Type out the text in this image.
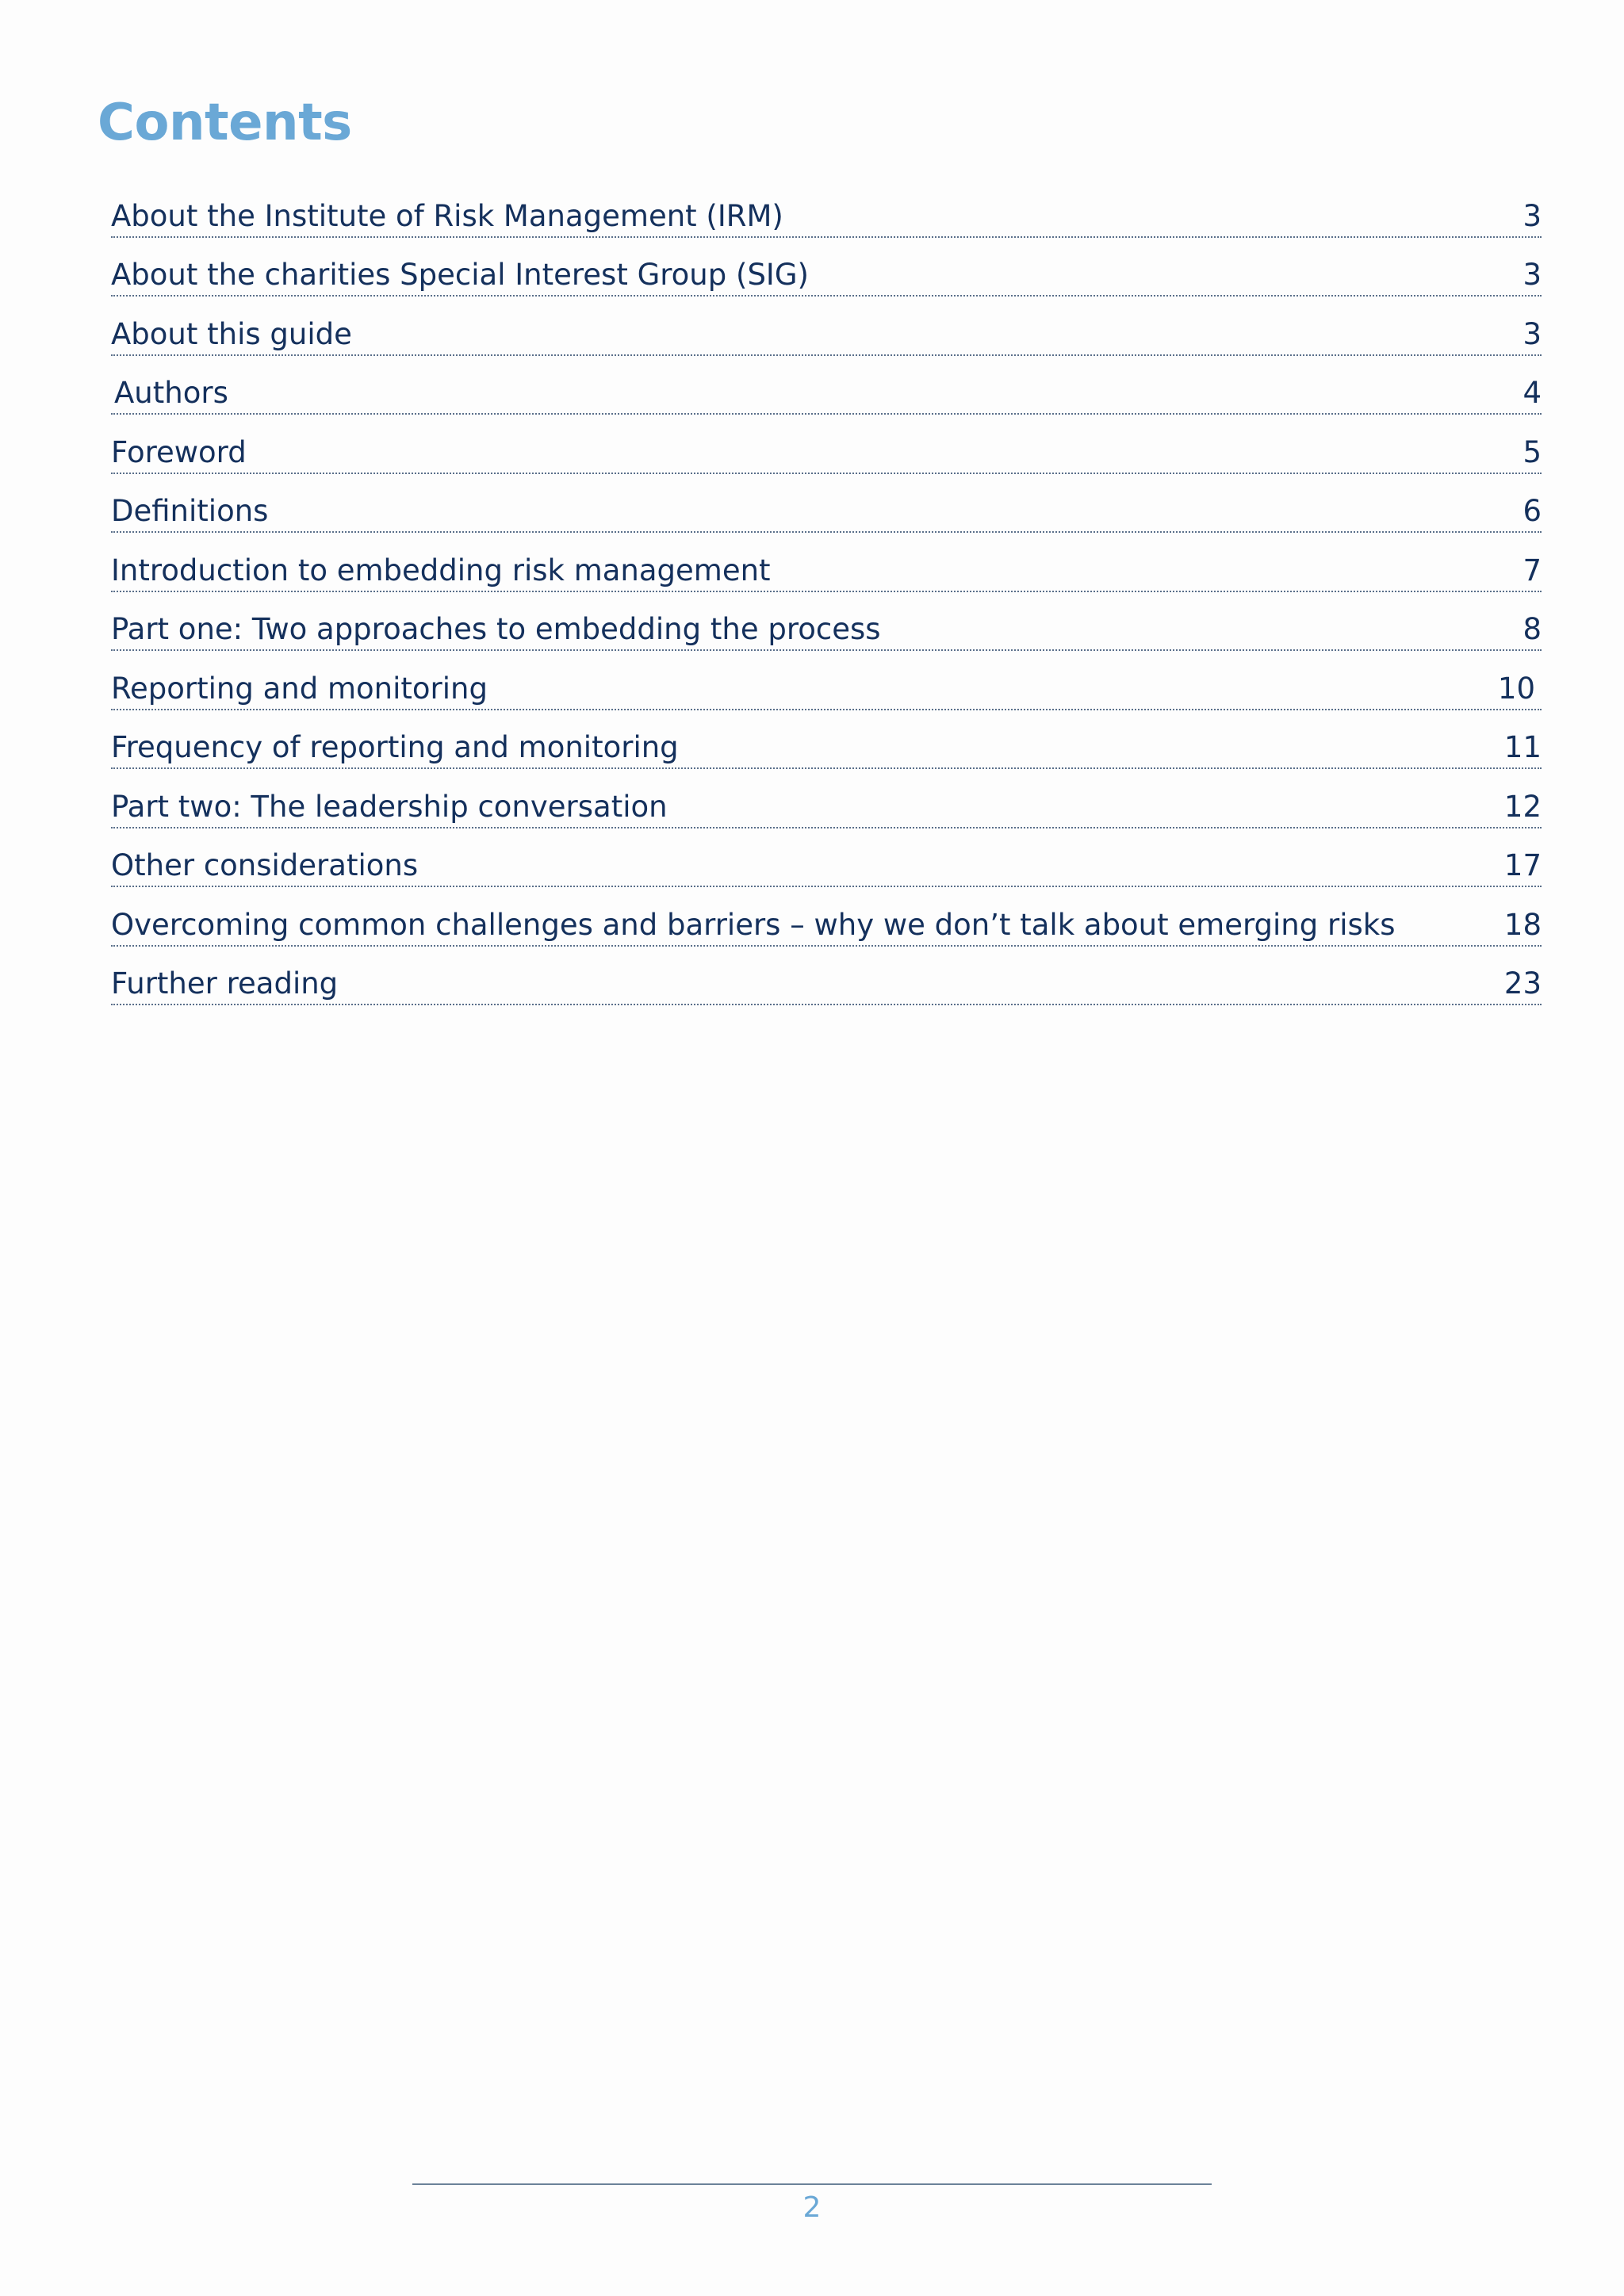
Contents
About the Institute of Risk Management (IRM)	3
About the charities Special Interest Group (SIG)	3
About this guide	3
Authors	4
Foreword	5
Definitions	6
Introduction to embedding risk management	7
Part one: Two approaches to embedding the process	8
Reporting and monitoring	10
Frequency of reporting and monitoring	11
Part two: The leadership conversation	12
Other considerations	17
Overcoming common challenges and barriers – why we don’t talk about emerging risks	18
Further reading	23
2
